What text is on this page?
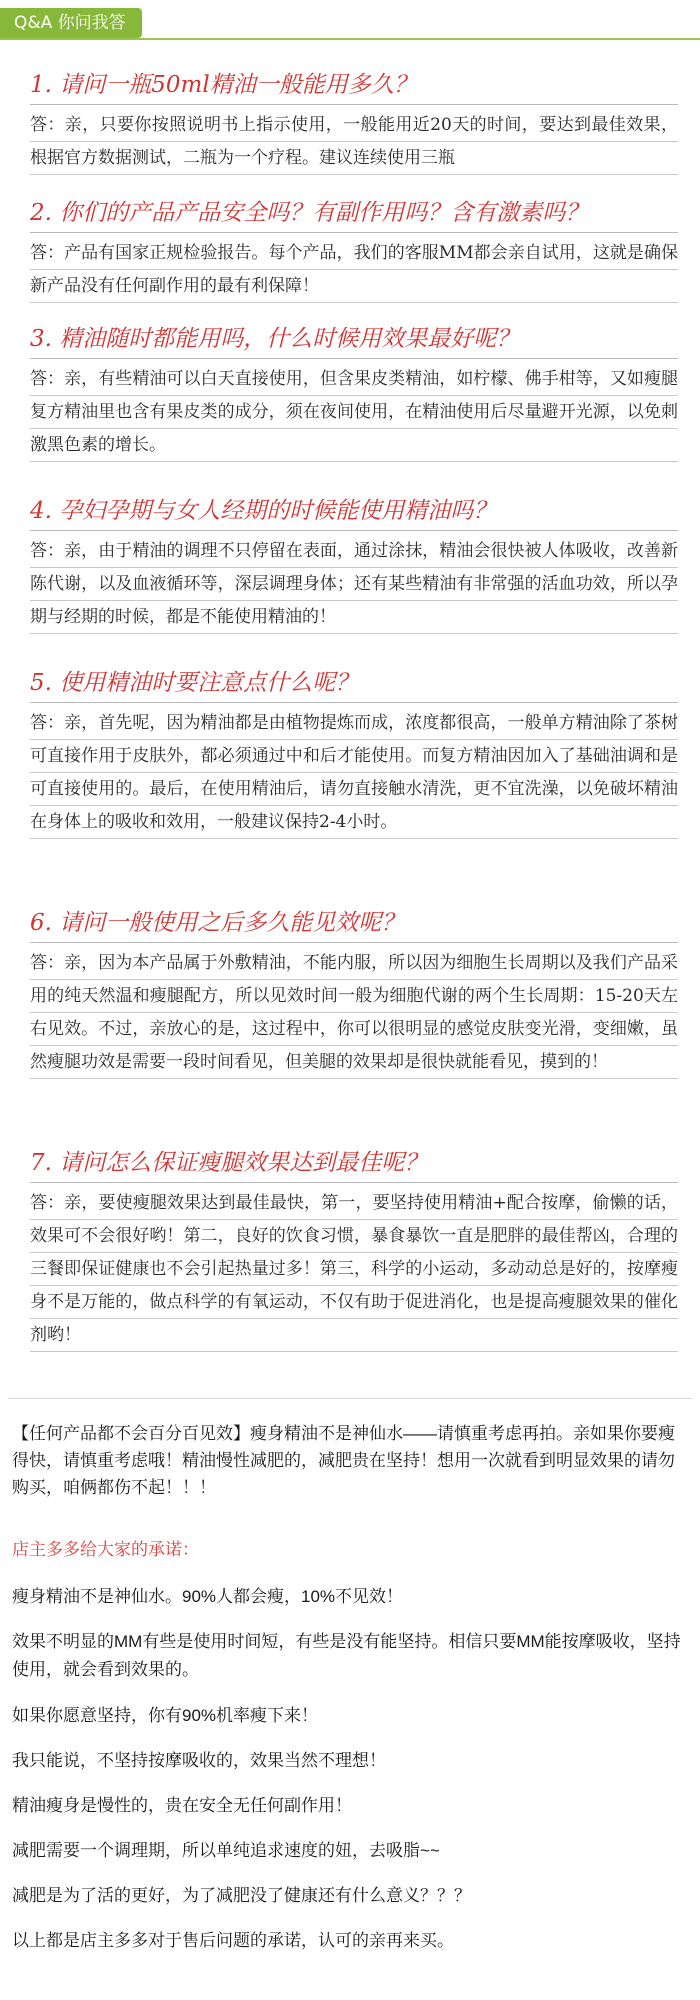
Q&A 你问我答
1. 请问一瓶50ml精油一般能用多久？
答：亲，只要你按照说明书上指示使用，一般能用近20天的时间，要达到最佳效果，根据官方数据测试，二瓶为一个疗程。建议连续使用三瓶
2. 你们的产品产品安全吗？有副作用吗？含有激素吗？
答：产品有国家正规检验报告。每个产品，我们的客服MM都会亲自试用，这就是确保新产品没有任何副作用的最有利保障！
3. 精油随时都能用吗，什么时候用效果最好呢？
答：亲，有些精油可以白天直接使用，但含果皮类精油，如柠檬、佛手柑等，又如瘦腿复方精油里也含有果皮类的成分，须在夜间使用，在精油使用后尽量避开光源，以免刺激黑色素的增长。
4. 孕妇孕期与女人经期的时候能使用精油吗？
答：亲，由于精油的调理不只停留在表面，通过涂抹，精油会很快被人体吸收，改善新陈代谢，以及血液循环等，深层调理身体；还有某些精油有非常强的活血功效，所以孕期与经期的时候，都是不能使用精油的！
5. 使用精油时要注意点什么呢？
答：亲，首先呢，因为精油都是由植物提炼而成，浓度都很高，一般单方精油除了茶树可直接作用于皮肤外，都必须通过中和后才能使用。而复方精油因加入了基础油调和是可直接使用的。最后，在使用精油后，请勿直接触水清洗，更不宜洗澡，以免破坏精油在身体上的吸收和效用，一般建议保持2-4小时。
6. 请问一般使用之后多久能见效呢？
答：亲，因为本产品属于外敷精油，不能内服，所以因为细胞生长周期以及我们产品采用的纯天然温和瘦腿配方，所以见效时间一般为细胞代谢的两个生长周期：15-20天左右见效。不过，亲放心的是，这过程中，你可以很明显的感觉皮肤变光滑，变细嫩，虽然瘦腿功效是需要一段时间看见，但美腿的效果却是很快就能看见，摸到的！
7. 请问怎么保证瘦腿效果达到最佳呢？
答：亲，要使瘦腿效果达到最佳最快，第一，要坚持使用精油+配合按摩，偷懒的话，效果可不会很好哟！第二，良好的饮食习惯，暴食暴饮一直是肥胖的最佳帮凶，合理的三餐即保证健康也不会引起热量过多！第三，科学的小运动，多动动总是好的，按摩瘦身不是万能的，做点科学的有氧运动，不仅有助于促进消化，也是提高瘦腿效果的催化剂哟！
【任何产品都不会百分百见效】瘦身精油不是神仙水——请慎重考虑再拍。亲如果你要瘦得快，请慎重考虑哦！精油慢性减肥的，减肥贵在坚持！想用一次就看到明显效果的请勿购买，咱俩都伤不起！！！
店主多多给大家的承诺：
瘦身精油不是神仙水。90%人都会瘦，10%不见效！
效果不明显的MM有些是使用时间短，有些是没有能坚持。相信只要MM能按摩吸收，坚持使用，就会看到效果的。
如果你愿意坚持，你有90%机率瘦下来！
我只能说，不坚持按摩吸收的，效果当然不理想！
精油瘦身是慢性的，贵在安全无任何副作用！
减肥需要一个调理期，所以单纯追求速度的妞，去吸脂~~
减肥是为了活的更好，为了减肥没了健康还有什么意义？？？
以上都是店主多多对于售后问题的承诺，认可的亲再来买。
